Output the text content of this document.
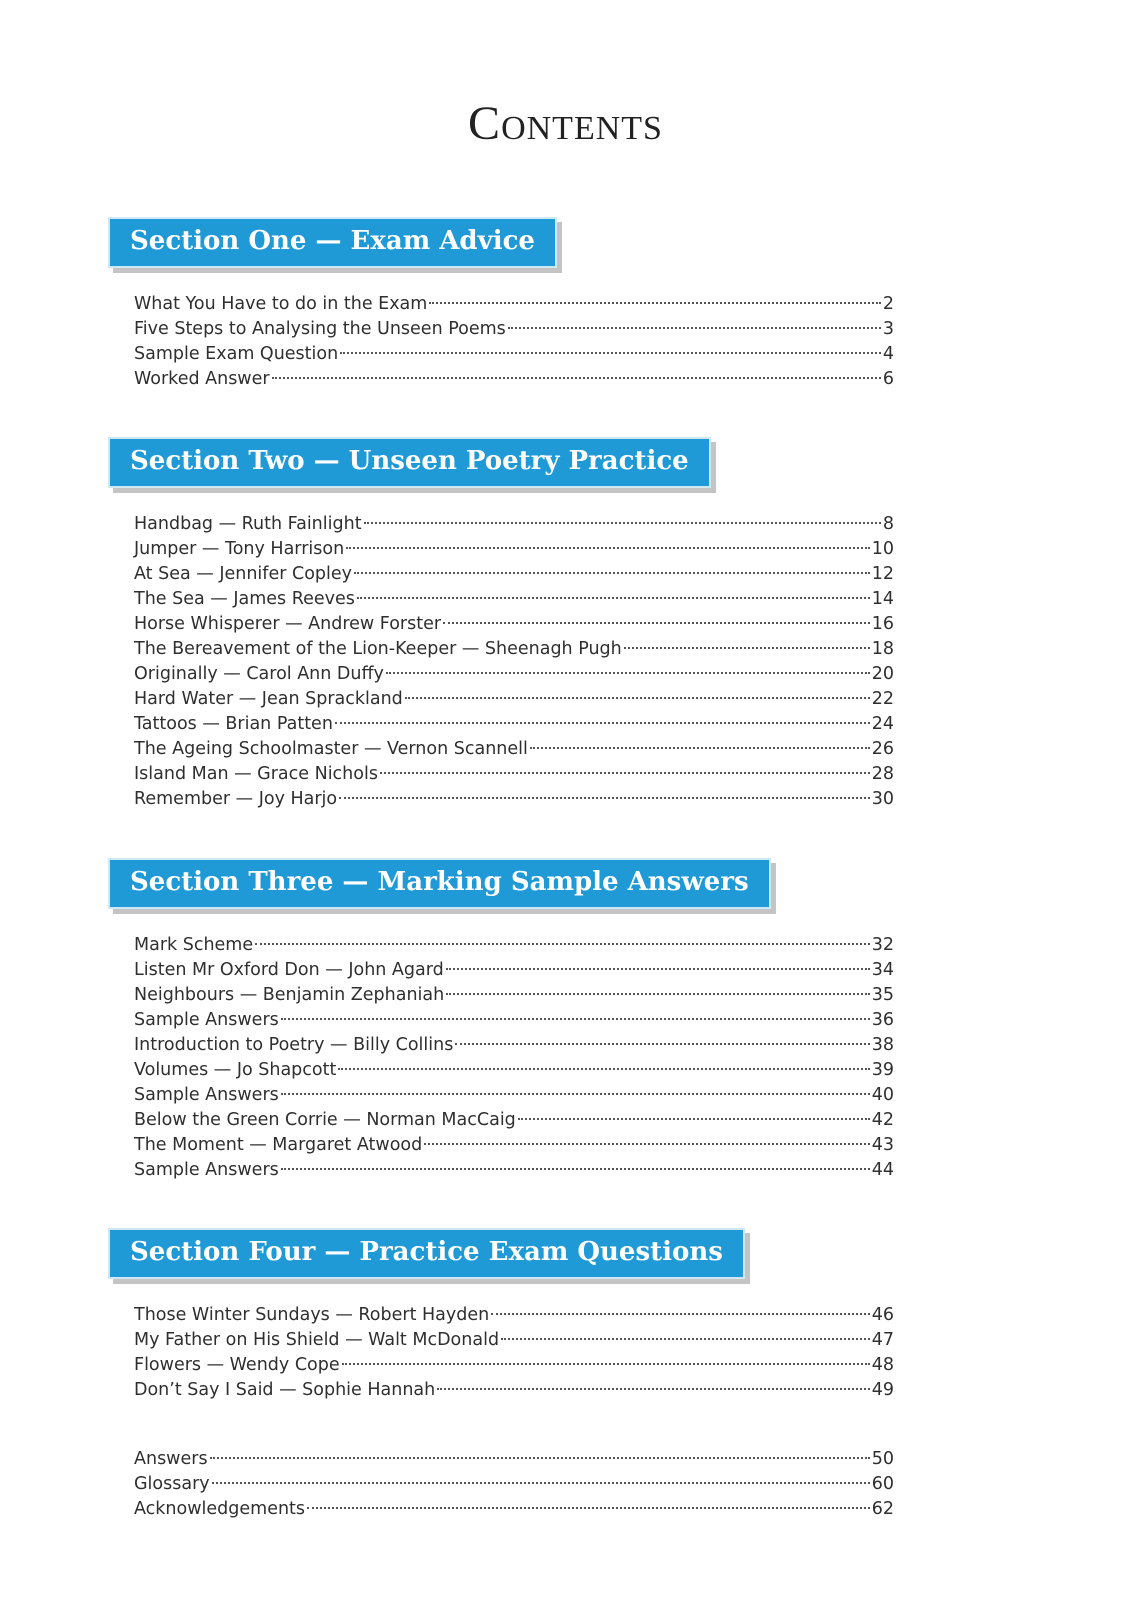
Contents
Section One — Exam Advice
What You Have to do in the Exam	2
Five Steps to Analysing the Unseen Poems	3
Sample Exam Question	4
Worked Answer	6
Section Two — Unseen Poetry Practice
Handbag — Ruth Fainlight	8
Jumper — Tony Harrison	10
At Sea — Jennifer Copley	12
The Sea — James Reeves	14
Horse Whisperer — Andrew Forster	16
The Bereavement of the Lion-Keeper — Sheenagh Pugh	18
Originally — Carol Ann Duffy	20
Hard Water — Jean Sprackland	22
Tattoos — Brian Patten	24
The Ageing Schoolmaster — Vernon Scannell	26
Island Man — Grace Nichols	28
Remember — Joy Harjo	30
Section Three — Marking Sample Answers
Mark Scheme	32
Listen Mr Oxford Don — John Agard	34
Neighbours — Benjamin Zephaniah	35
Sample Answers	36
Introduction to Poetry — Billy Collins	38
Volumes — Jo Shapcott	39
Sample Answers	40
Below the Green Corrie — Norman MacCaig	42
The Moment — Margaret Atwood	43
Sample Answers	44
Section Four — Practice Exam Questions
Those Winter Sundays — Robert Hayden	46
My Father on His Shield — Walt McDonald	47
Flowers — Wendy Cope	48
Don’t Say I Said — Sophie Hannah	49
Answers	50
Glossary	60
Acknowledgements	62
